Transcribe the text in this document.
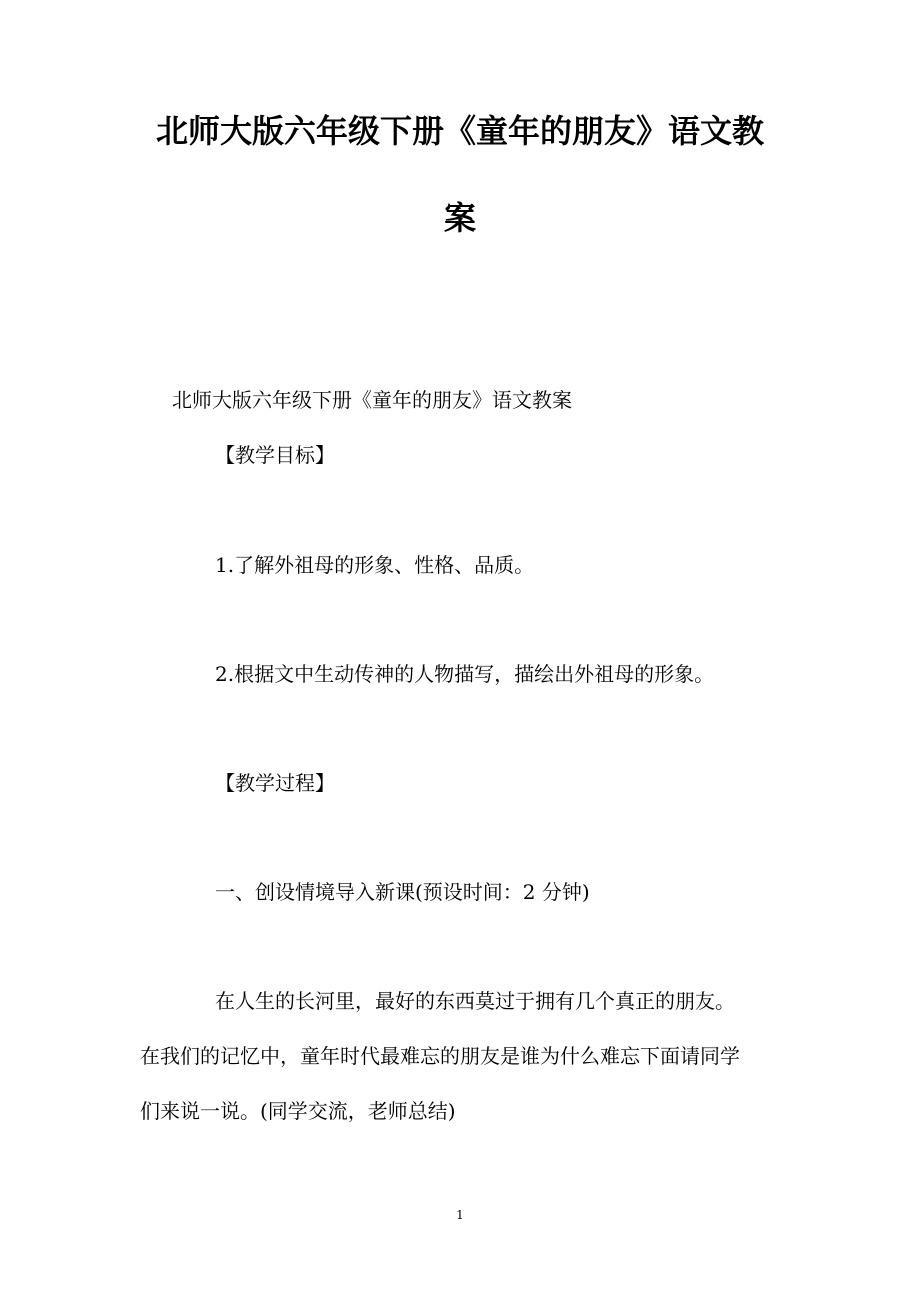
北师大版六年级下册《童年的朋友》语文教
案
北师大版六年级下册《童年的朋友》语文教案
【教学目标】
1.了解外祖母的形象、性格、品质。
2.根据文中生动传神的人物描写，描绘出外祖母的形象。
【教学过程】
一、创设情境导入新课(预设时间：2 分钟)
在人生的长河里，最好的东西莫过于拥有几个真正的朋友。
在我们的记忆中，童年时代最难忘的朋友是谁为什么难忘下面请同学
们来说一说。(同学交流，老师总结)
1
